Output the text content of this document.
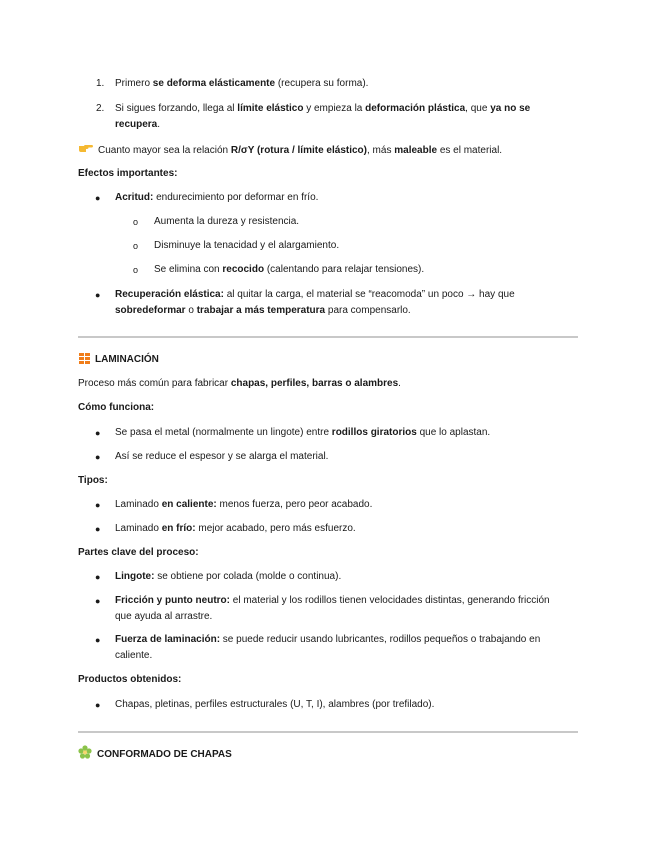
1. Primero se deforma elásticamente (recupera su forma).
2. Si sigues forzando, llega al límite elástico y empieza la deformación plástica, que ya no se recupera.
Cuanto mayor sea la relación R/σY (rotura / límite elástico), más maleable es el material.
Efectos importantes:
● Acritud: endurecimiento por deformar en frío.
o Aumenta la dureza y resistencia.
o Disminuye la tenacidad y el alargamiento.
o Se elimina con recocido (calentando para relajar tensiones).
● Recuperación elástica: al quitar la carga, el material se “reacomoda” un poco → hay que sobredeformar o trabajar a más temperatura para compensarlo.
LAMINACIÓN
Proceso más común para fabricar chapas, perfiles, barras o alambres.
Cómo funciona:
● Se pasa el metal (normalmente un lingote) entre rodillos giratorios que lo aplastan.
● Así se reduce el espesor y se alarga el material.
Tipos:
● Laminado en caliente: menos fuerza, pero peor acabado.
● Laminado en frío: mejor acabado, pero más esfuerzo.
Partes clave del proceso:
● Lingote: se obtiene por colada (molde o continua).
● Fricción y punto neutro: el material y los rodillos tienen velocidades distintas, generando fricción que ayuda al arrastre.
● Fuerza de laminación: se puede reducir usando lubricantes, rodillos pequeños o trabajando en caliente.
Productos obtenidos:
● Chapas, pletinas, perfiles estructurales (U, T, I), alambres (por trefilado).
CONFORMADO DE CHAPAS
